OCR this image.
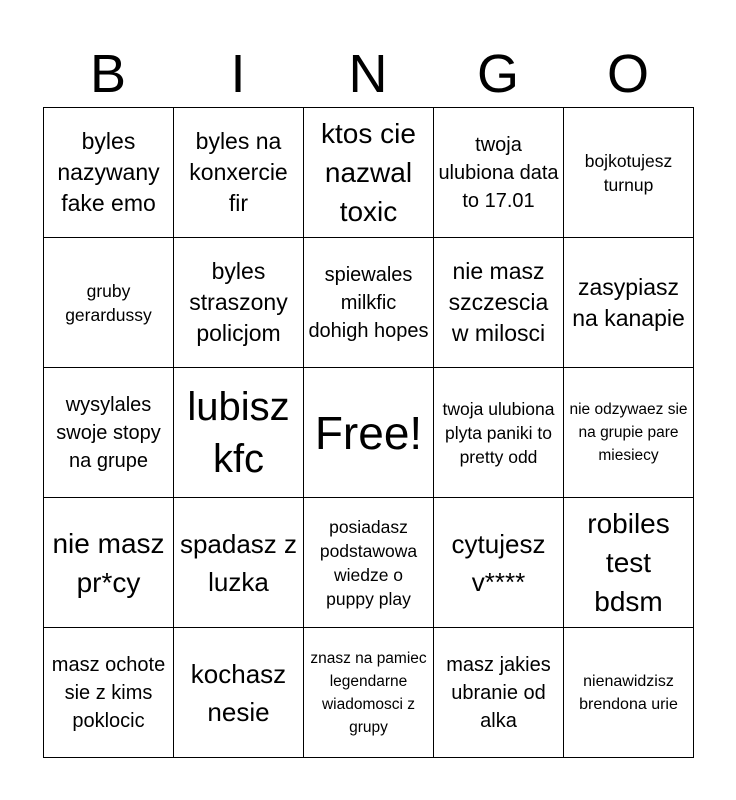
B	I	N	G	O
byles nazywany fake emo	byles na konxercie fir	ktos cie nazwal toxic	twoja ulubiona data to 17.01	bojkotujesz turnup
gruby gerardussy	byles straszony policjom	spiewales milkfic dohigh hopes	nie masz szczescia w milosci	zasypiasz na kanapie
wysylales swoje stopy na grupe	lubisz kfc	Free!	twoja ulubiona plyta paniki to pretty odd	nie odzywaez sie na grupie pare miesiecy
nie masz pr*cy	spadasz z luzka	posiadasz podstawowa wiedze o puppy play	cytujesz v****	robiles test bdsm
masz ochote sie z kims poklocic	kochasz nesie	znasz na pamiec legendarne wiadomosci z grupy	masz jakies ubranie od alka	nienawidzisz brendona urie
